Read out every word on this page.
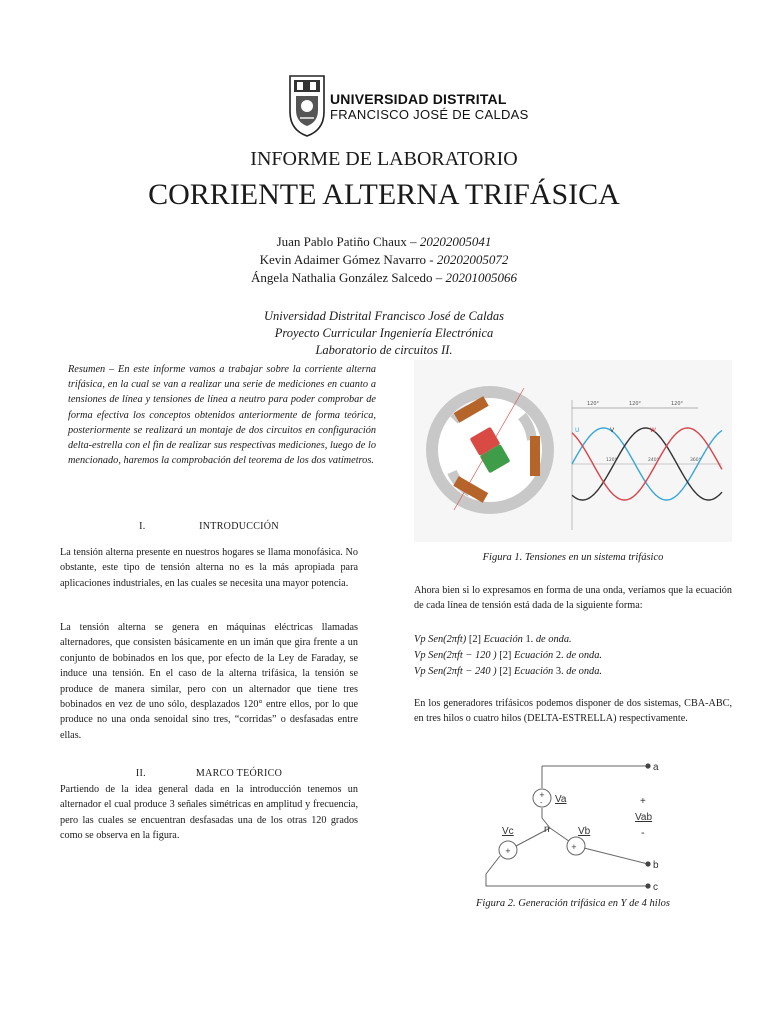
UNIVERSIDAD DISTRITAL
FRANCISCO JOSÉ DE CALDAS
INFORME DE LABORATORIO
CORRIENTE ALTERNA TRIFÁSICA
Juan Pablo Patiño Chaux – 20202005041
Kevin Adaimer Gómez Navarro - 20202005072
Ángela Nathalia González Salcedo – 20201005066
Universidad Distrital Francisco José de Caldas
Proyecto Curricular Ingeniería Electrónica
Laboratorio de circuitos II.
Resumen – En este informe vamos a trabajar sobre la corriente alterna trifásica, en la cual se van a realizar una serie de mediciones en cuanto a tensiones de línea y tensiones de línea a neutro para poder comprobar de forma efectiva los conceptos obtenidos anteriormente de forma teórica, posteriormente se realizará un montaje de dos circuitos en configuración delta-estrella con el fin de realizar sus respectivas mediciones, luego de lo mencionado, haremos la comprobación del teorema de los dos vatímetros.
I.	INTRODUCCIÓN
La tensión alterna presente en nuestros hogares se llama monofásica. No obstante, este tipo de tensión alterna no es la más apropiada para aplicaciones industriales, en las cuales se necesita una mayor potencia.
La tensión alterna se genera en máquinas eléctricas llamadas alternadores, que consisten básicamente en un imán que gira frente a un conjunto de bobinados en los que, por efecto de la Ley de Faraday, se induce una tensión. En el caso de la alterna trifásica, la tensión se produce de manera similar, pero con un alternador que tiene tres bobinados en vez de uno sólo, desplazados 120° entre ellos, por lo que produce no una onda senoidal sino tres, “corridas” o desfasadas entre ellas.
II.	MARCO TEÓRICO
Partiendo de la idea general dada en la introducción tenemos un alternador el cual produce 3 señales simétricas en amplitud y frecuencia, pero las cuales se encuentran desfasadas una de los otras 120 grados como se observa en la figura.
120°	120°	120°
U	V	W
120°	240°	360°
Figura 1. Tensiones en un sistema trifásico
Ahora bien si lo expresamos en forma de una onda, veríamos que la ecuación de cada línea de tensión está dada de la siguiente forma:
Vp Sen(2πft) [2] Ecuación 1. de onda.
Vp Sen(2πft − 120 ) [2] Ecuación 2. de onda.
Vp Sen(2πft − 240 ) [2] Ecuación 3. de onda.
En los generadores trifásicos podemos disponer de dos sistemas, CBA-ABC, en tres hilos o cuatro hilos (DELTA-ESTRELLA) respectivamente.
a
b
c
+
-
+
+
Va
Vb
Vc	n
+
Vab
-
Figura 2. Generación trifásica en Y de 4 hilos
